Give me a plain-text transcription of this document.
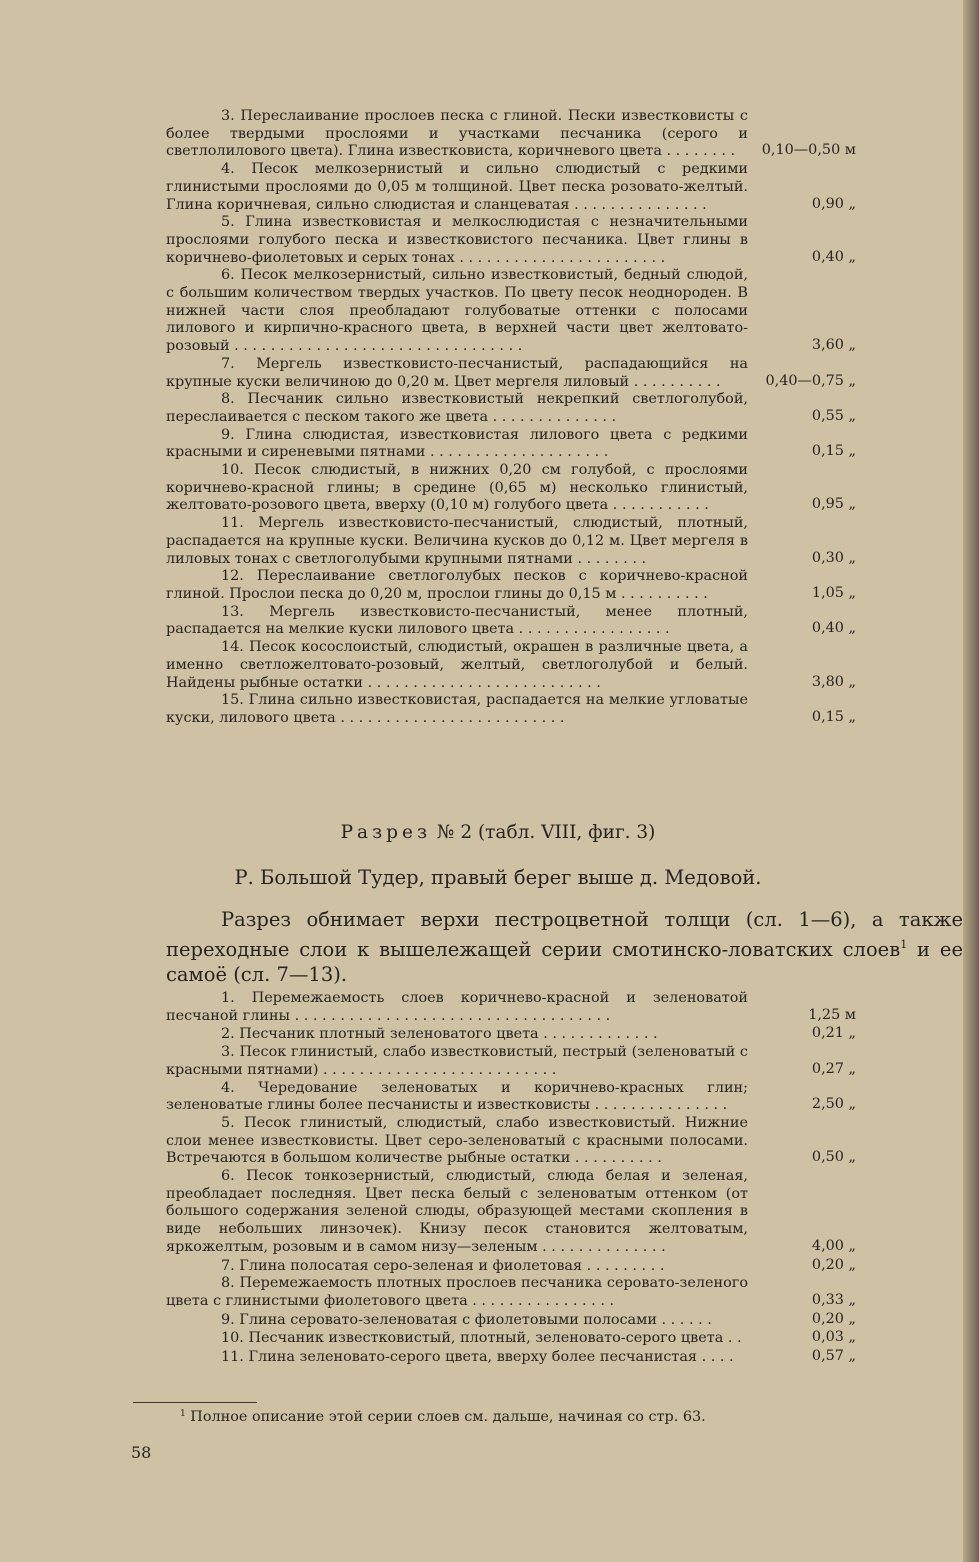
3. Переслаивание прослоев песка с глиной. Пески известковисты с более твердыми прослоями и участками песчаника (серого и светлолилового цвета). Глина известковиста, коричневого цвета . . . . . . . .	0,10—0,50 м
4. Песок мелкозернистый и сильно слюдистый с редкими глинистыми прослоями до 0,05 м толщиной. Цвет песка розовато-желтый. Глина коричневая, сильно слюдистая и сланцеватая . . . . . . . . . . . . . . .	0,90 „
5. Глина известковистая и мелкослюдистая с незначительными прослоями голубого песка и известковистого песчаника. Цвет глины в коричнево-фиолетовых и серых тонах . . . . . . . . . . . . . . . . . . . . . . .	0,40 „
6. Песок мелкозернистый, сильно известковистый, бедный слюдой, с большим количеством твердых участков. По цвету песок неоднороден. В нижней части слоя преобладают голубоватые оттенки с полосами лилового и кирпично-красного цвета, в верхней части цвет желтовато-розовый . . . . . . . . . . . . . . . . . . . . . . . . . . . . . . . .	3,60 „
7. Мергель известковисто-песчанистый, распадающийся на крупные куски величиною до 0,20 м. Цвет мергеля лиловый . . . . . . . . . .	0,40—0,75 „
8. Песчаник сильно известковистый некрепкий светлоголубой, переслаивается с песком такого же цвета . . . . . . . . . . . . . .	0,55 „
9. Глина слюдистая, известковистая лилового цвета с редкими красными и сиреневыми пятнами . . . . . . . . . . . . . . . . . . . .	0,15 „
10. Песок слюдистый, в нижних 0,20 см голубой, с прослоями коричнево-красной глины; в средине (0,65 м) несколько глинистый, желтовато-розового цвета, вверху (0,10 м) голубого цвета . . . . . . . . . . .	0,95 „
11. Мергель известковисто-песчанистый, слюдистый, плотный, распадается на крупные куски. Величина кусков до 0,12 м. Цвет мергеля в лиловых тонах с светлоголубыми крупными пятнами . . . . . . . .	0,30 „
12. Переслаивание светлоголубых песков с коричнево-красной глиной. Прослои песка до 0,20 м, прослои глины до 0,15 м . . . . . . . . . .	1,05 „
13. Мергель известковисто-песчанистый, менее плотный, распадается на мелкие куски лилового цвета . . . . . . . . . . . . . . . . .	0,40 „
14. Песок косослоистый, слюдистый, окрашен в различные цвета, а именно светложелтовато-розовый, желтый, светлоголубой и белый. Найдены рыбные остатки . . . . . . . . . . . . . . . . . . . . . . . . . .	3,80 „
15. Глина сильно известковистая, распадается на мелкие угловатые куски, лилового цвета . . . . . . . . . . . . . . . . . . . . . . . . .	0,15 „
Разрез № 2 (табл. VIII, фиг. 3)
Р. Большой Тудер, правый берег выше д. Медовой.
Разрез обнимает верхи пестроцветной толщи (сл. 1—6), а также переходные слои к вышележащей серии смотинско-ловатских слоев$^1$ и ее самоё (сл. 7—13).
1. Перемежаемость слоев коричнево-красной и зеленоватой песчаной глины . . . . . . . . . . . . . . . . . . . . . . . . . . . . . . . . . . .	1,25 м
2. Песчаник плотный зеленоватого цвета . . . . . . . . . . . . .	0,21 „
3. Песок глинистый, слабо известковистый, пестрый (зеленоватый с красными пятнами) . . . . . . . . . . . . . . . . . . . . . . . . . .	0,27 „
4. Чередование зеленоватых и коричнево-красных глин; зеленоватые глины более песчанисты и известковисты . . . . . . . . . . . . . . .	2,50 „
5. Песок глинистый, слюдистый, слабо известковистый. Нижние слои менее известковисты. Цвет серо-зеленоватый с красными полосами. Встречаются в большом количестве рыбные остатки . . . . . . . . . .	0,50 „
6. Песок тонкозернистый, слюдистый, слюда белая и зеленая, преобладает последняя. Цвет песка белый с зеленоватым оттенком (от большого содержания зеленой слюды, образующей местами скопления в виде небольших линзочек). Книзу песок становится желтоватым, яркожелтым, розовым и в самом низу—зеленым . . . . . . . . . . . . . .	4,00 „
7. Глина полосатая серо-зеленая и фиолетовая . . . . . . . . .	0,20 „
8. Перемежаемость плотных прослоев песчаника серовато-зеленого цвета с глинистыми фиолетового цвета . . . . . . . . . . . . . . . .	0,33 „
9. Глина серовато-зеленоватая с фиолетовыми полосами . . . . . .	0,20 „
10. Песчаник известковистый, плотный, зеленовато-серого цвета . .	0,03 „
11. Глина зеленовато-серого цвета, вверху более песчанистая . . . .	0,57 „
$^1$ Полное описание этой серии слоев см. дальше, начиная со стр. 63.
58
